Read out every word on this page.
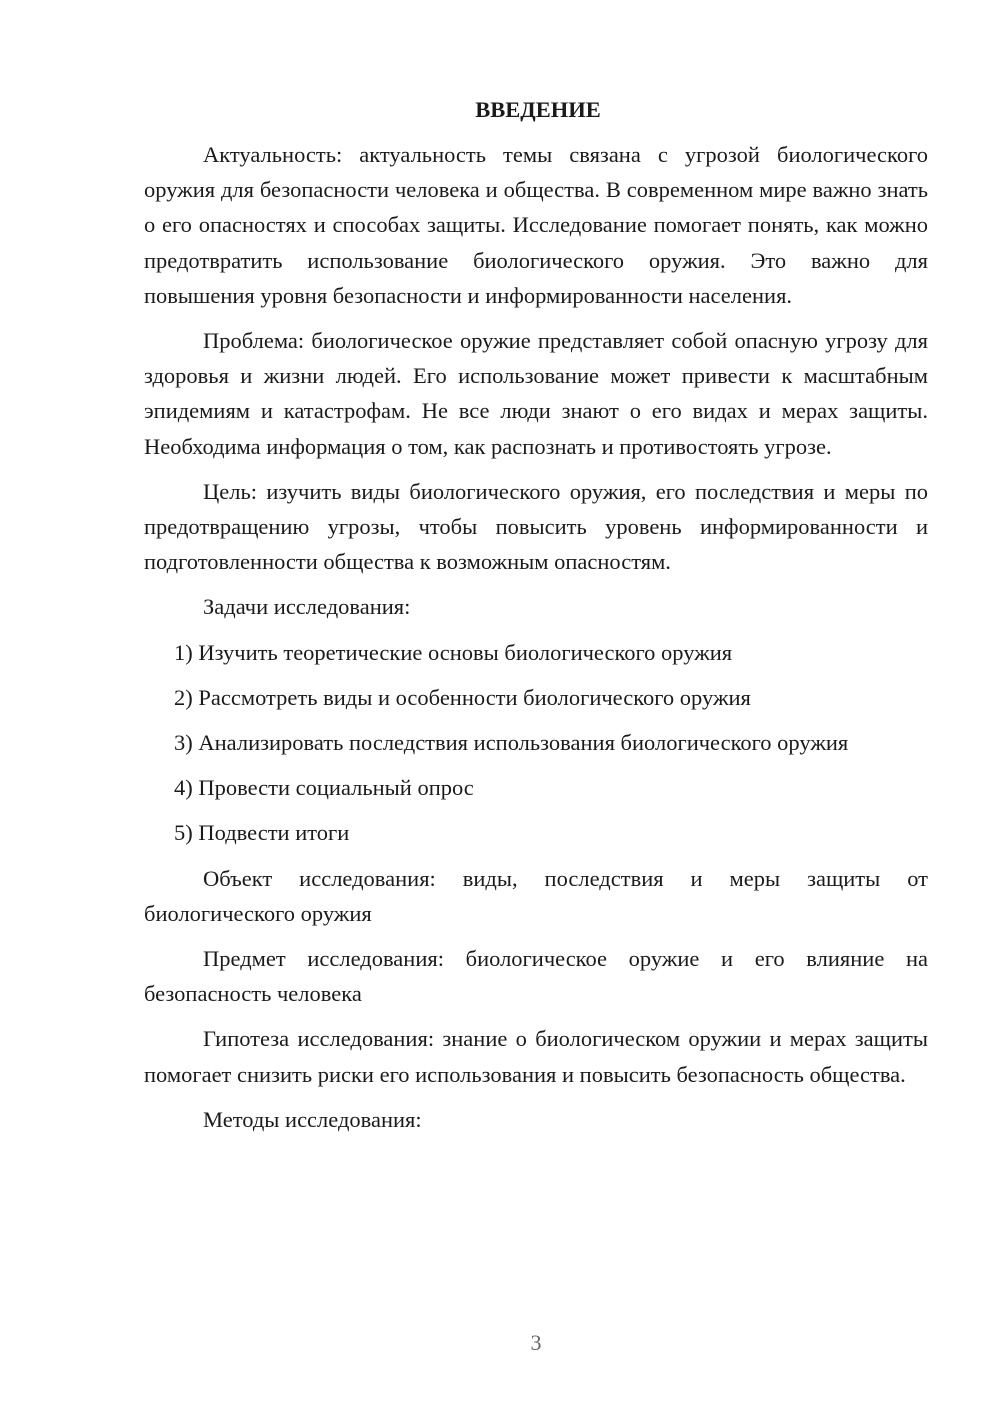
ВВЕДЕНИЕ

Актуальность: актуальность темы связана с угрозой биологического оружия для безопасности человека и общества. В современном мире важно знать о его опасностях и способах защиты. Исследование помогает понять, как можно предотвратить использование биологического оружия. Это важно для повышения уровня безопасности и информированности населения.

Проблема: биологическое оружие представляет собой опасную угрозу для здоровья и жизни людей. Его использование может привести к масштабным эпидемиям и катастрофам. Не все люди знают о его видах и мерах защиты. Необходима информация о том, как распознать и противостоять угрозе.

Цель: изучить виды биологического оружия, его последствия и меры по предотвращению угрозы, чтобы повысить уровень информированности и подготовленности общества к возможным опасностям.

Задачи исследования:
1) Изучить теоретические основы биологического оружия
2) Рассмотреть виды и особенности биологического оружия
3) Анализировать последствия использования биологического оружия
4) Провести социальный опрос
5) Подвести итоги

Объект исследования: виды, последствия и меры защиты от биологического оружия

Предмет исследования: биологическое оружие и его влияние на безопасность человека

Гипотеза исследования: знание о биологическом оружии и мерах защиты помогает снизить риски его использования и повысить безопасность общества.

Методы исследования:
3
